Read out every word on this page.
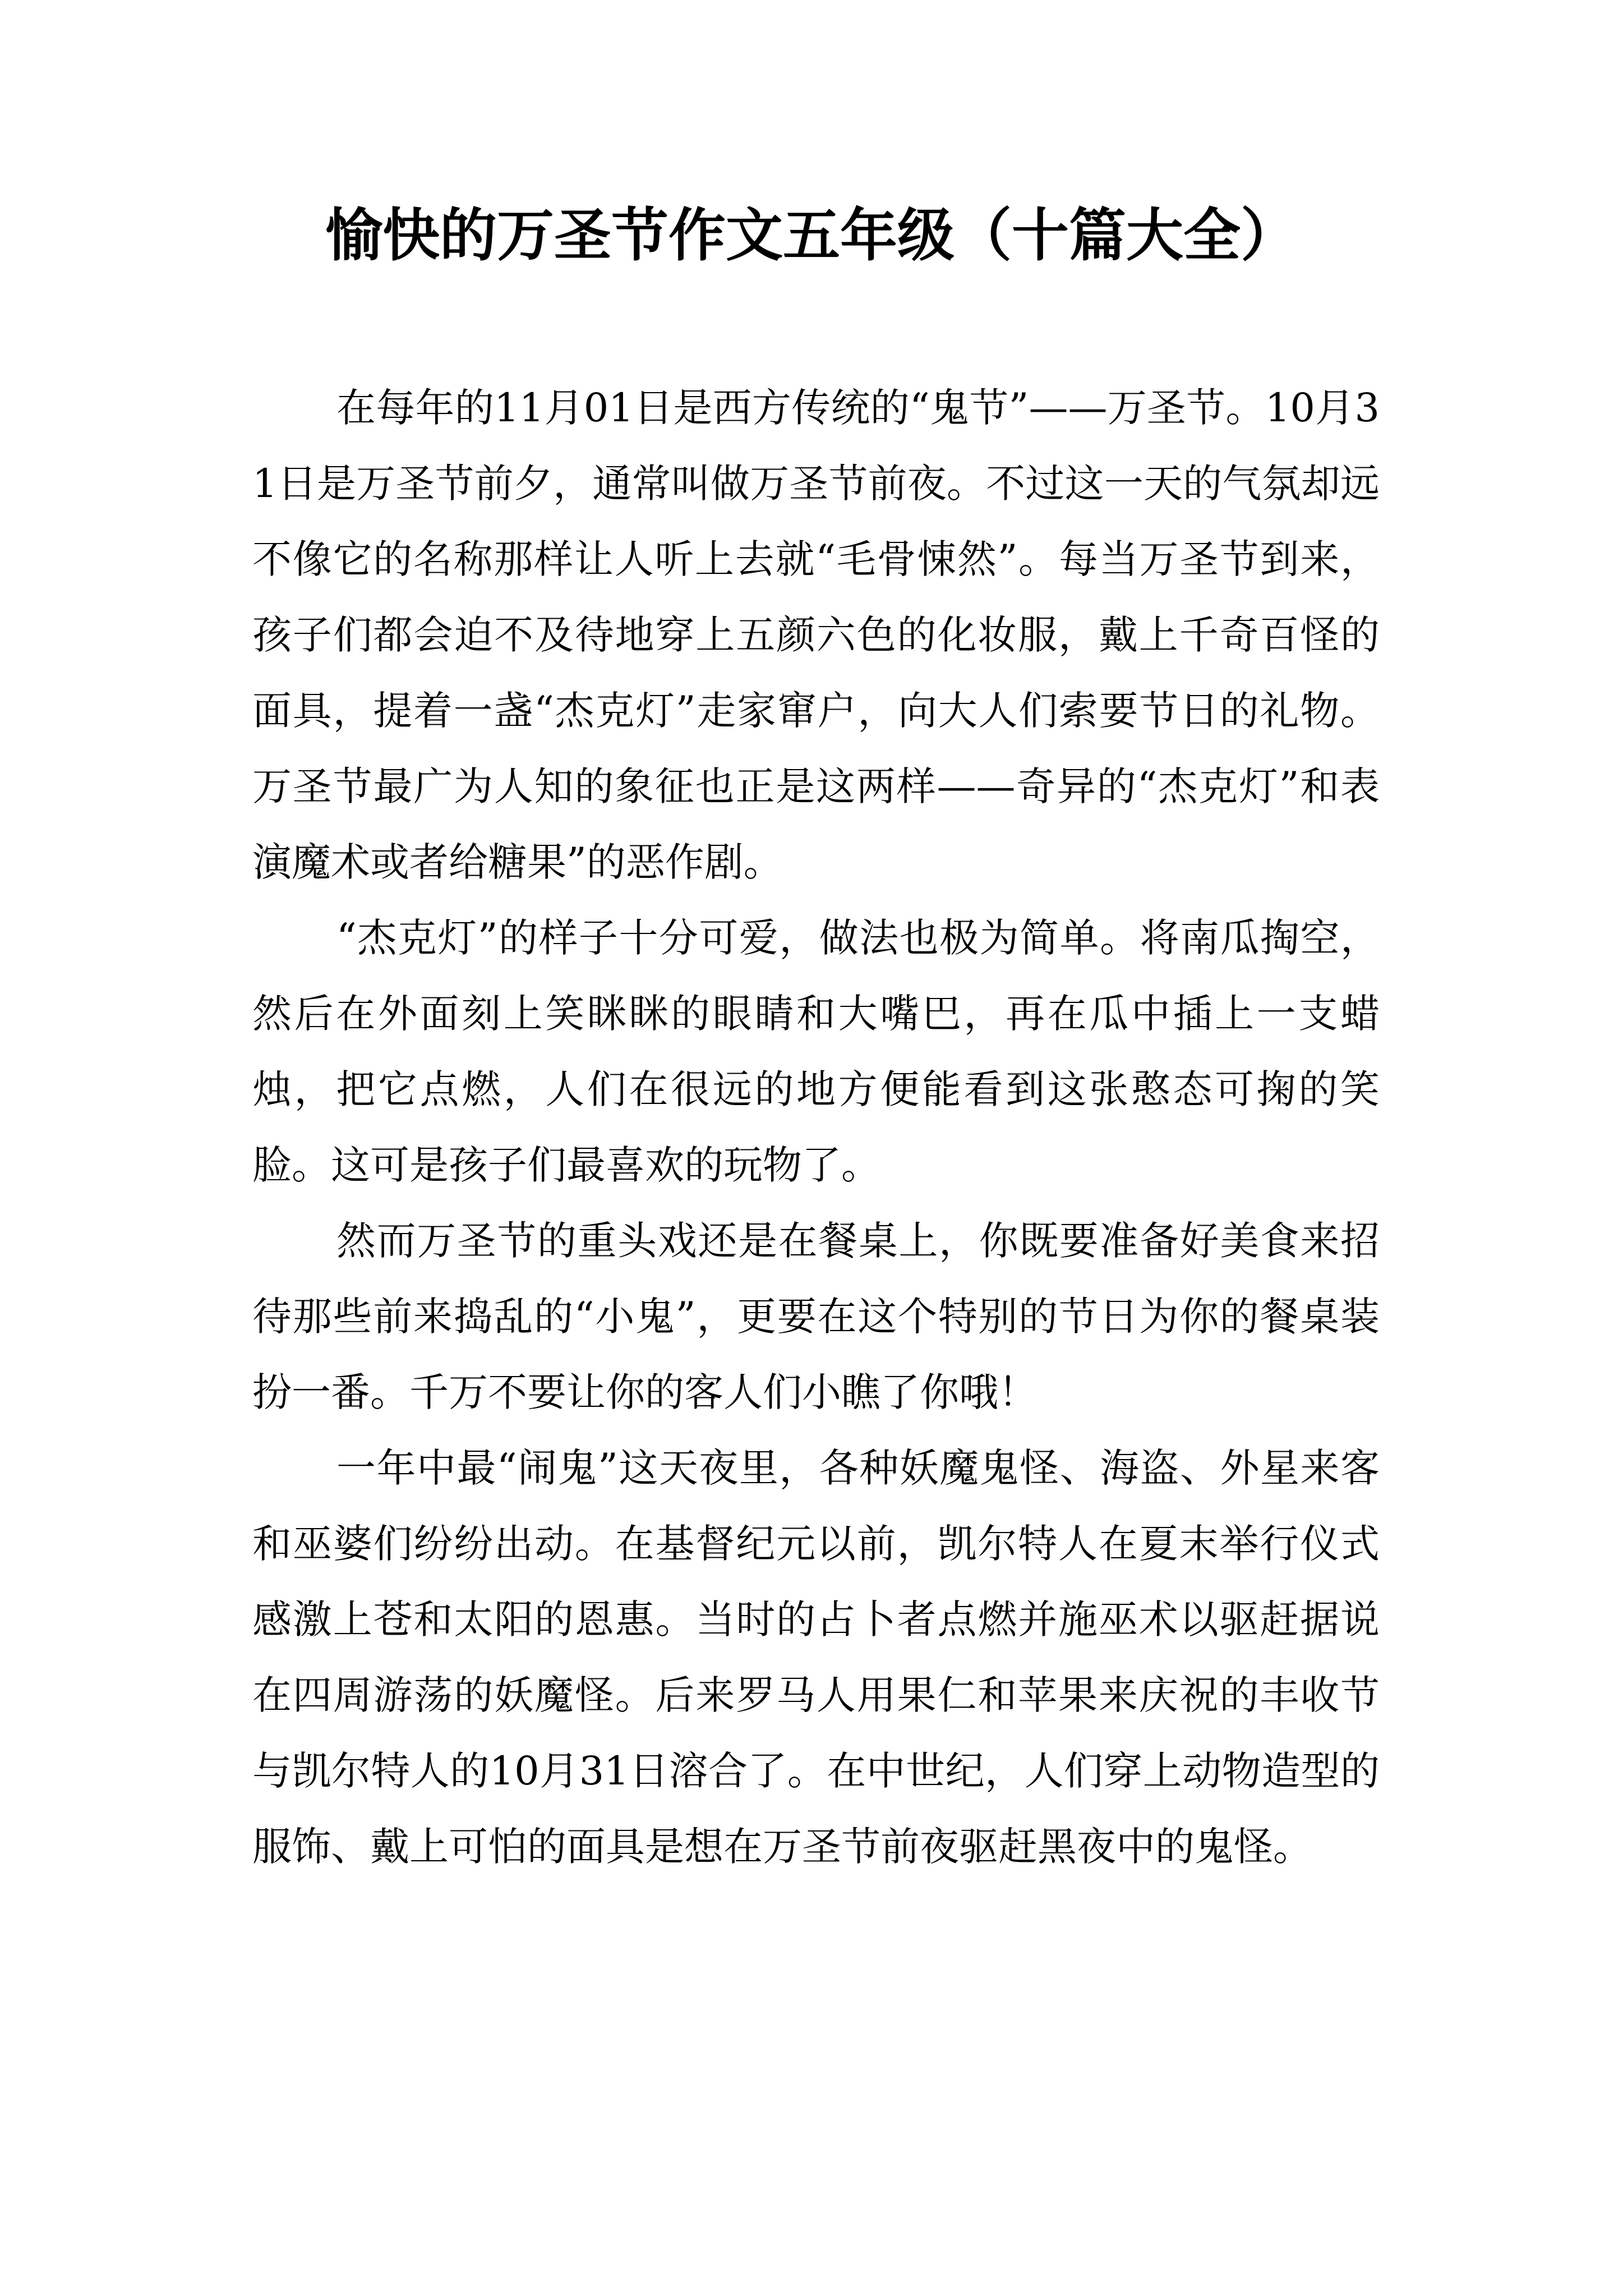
愉快的万圣节作文五年级（十篇大全）

在每年的11月01日是西方传统的“鬼节”——万圣节。10月31日是万圣节前夕，通常叫做万圣节前夜。不过这一天的气氛却远不像它的名称那样让人听上去就“毛骨悚然”。每当万圣节到来，孩子们都会迫不及待地穿上五颜六色的化妆服，戴上千奇百怪的面具，提着一盏“杰克灯”走家窜户，向大人们索要节日的礼物。万圣节最广为人知的象征也正是这两样——奇异的“杰克灯”和表演魔术或者给糖果”的恶作剧。

“杰克灯”的样子十分可爱，做法也极为简单。将南瓜掏空，然后在外面刻上笑眯眯的眼睛和大嘴巴，再在瓜中插上一支蜡烛，把它点燃，人们在很远的地方便能看到这张憨态可掬的笑脸。这可是孩子们最喜欢的玩物了。

然而万圣节的重头戏还是在餐桌上，你既要准备好美食来招待那些前来捣乱的“小鬼”，更要在这个特别的节日为你的餐桌装扮一番。千万不要让你的客人们小瞧了你哦！

一年中最“闹鬼”这天夜里，各种妖魔鬼怪、海盗、外星来客和巫婆们纷纷出动。在基督纪元以前，凯尔特人在夏末举行仪式感激上苍和太阳的恩惠。当时的占卜者点燃并施巫术以驱赶据说在四周游荡的妖魔怪。后来罗马人用果仁和苹果来庆祝的丰收节与凯尔特人的10月31日溶合了。在中世纪，人们穿上动物造型的服饰、戴上可怕的面具是想在万圣节前夜驱赶黑夜中的鬼怪。
